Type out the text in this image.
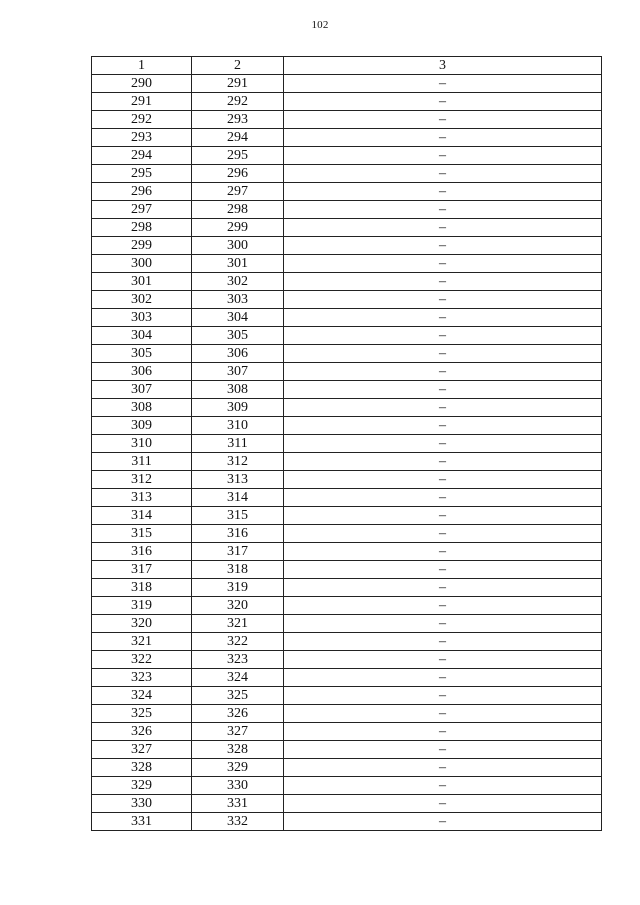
102
1	2	3
290	291	–
291	292	–
292	293	–
293	294	–
294	295	–
295	296	–
296	297	–
297	298	–
298	299	–
299	300	–
300	301	–
301	302	–
302	303	–
303	304	–
304	305	–
305	306	–
306	307	–
307	308	–
308	309	–
309	310	–
310	311	–
311	312	–
312	313	–
313	314	–
314	315	–
315	316	–
316	317	–
317	318	–
318	319	–
319	320	–
320	321	–
321	322	–
322	323	–
323	324	–
324	325	–
325	326	–
326	327	–
327	328	–
328	329	–
329	330	–
330	331	–
331	332	–
